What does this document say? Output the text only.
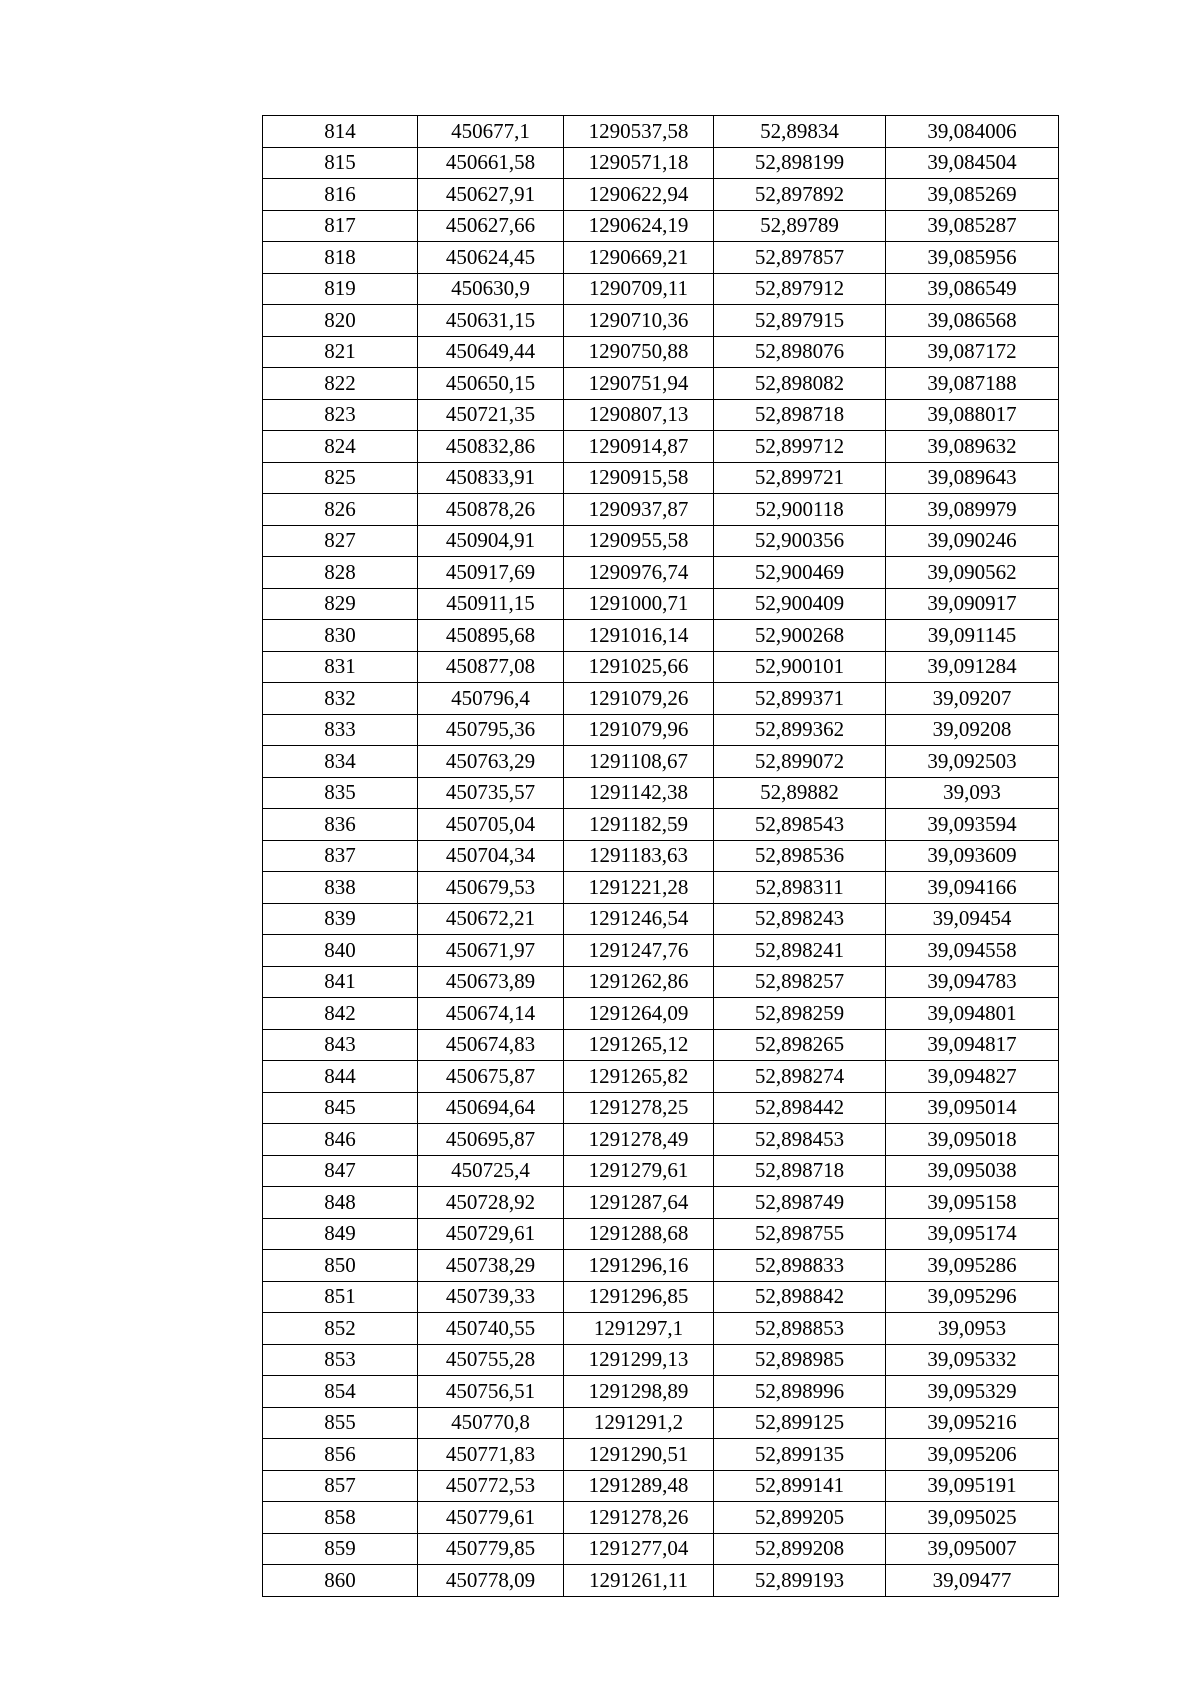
814	450677,1	1290537,58	52,89834	39,084006
815	450661,58	1290571,18	52,898199	39,084504
816	450627,91	1290622,94	52,897892	39,085269
817	450627,66	1290624,19	52,89789	39,085287
818	450624,45	1290669,21	52,897857	39,085956
819	450630,9	1290709,11	52,897912	39,086549
820	450631,15	1290710,36	52,897915	39,086568
821	450649,44	1290750,88	52,898076	39,087172
822	450650,15	1290751,94	52,898082	39,087188
823	450721,35	1290807,13	52,898718	39,088017
824	450832,86	1290914,87	52,899712	39,089632
825	450833,91	1290915,58	52,899721	39,089643
826	450878,26	1290937,87	52,900118	39,089979
827	450904,91	1290955,58	52,900356	39,090246
828	450917,69	1290976,74	52,900469	39,090562
829	450911,15	1291000,71	52,900409	39,090917
830	450895,68	1291016,14	52,900268	39,091145
831	450877,08	1291025,66	52,900101	39,091284
832	450796,4	1291079,26	52,899371	39,09207
833	450795,36	1291079,96	52,899362	39,09208
834	450763,29	1291108,67	52,899072	39,092503
835	450735,57	1291142,38	52,89882	39,093
836	450705,04	1291182,59	52,898543	39,093594
837	450704,34	1291183,63	52,898536	39,093609
838	450679,53	1291221,28	52,898311	39,094166
839	450672,21	1291246,54	52,898243	39,09454
840	450671,97	1291247,76	52,898241	39,094558
841	450673,89	1291262,86	52,898257	39,094783
842	450674,14	1291264,09	52,898259	39,094801
843	450674,83	1291265,12	52,898265	39,094817
844	450675,87	1291265,82	52,898274	39,094827
845	450694,64	1291278,25	52,898442	39,095014
846	450695,87	1291278,49	52,898453	39,095018
847	450725,4	1291279,61	52,898718	39,095038
848	450728,92	1291287,64	52,898749	39,095158
849	450729,61	1291288,68	52,898755	39,095174
850	450738,29	1291296,16	52,898833	39,095286
851	450739,33	1291296,85	52,898842	39,095296
852	450740,55	1291297,1	52,898853	39,0953
853	450755,28	1291299,13	52,898985	39,095332
854	450756,51	1291298,89	52,898996	39,095329
855	450770,8	1291291,2	52,899125	39,095216
856	450771,83	1291290,51	52,899135	39,095206
857	450772,53	1291289,48	52,899141	39,095191
858	450779,61	1291278,26	52,899205	39,095025
859	450779,85	1291277,04	52,899208	39,095007
860	450778,09	1291261,11	52,899193	39,09477
